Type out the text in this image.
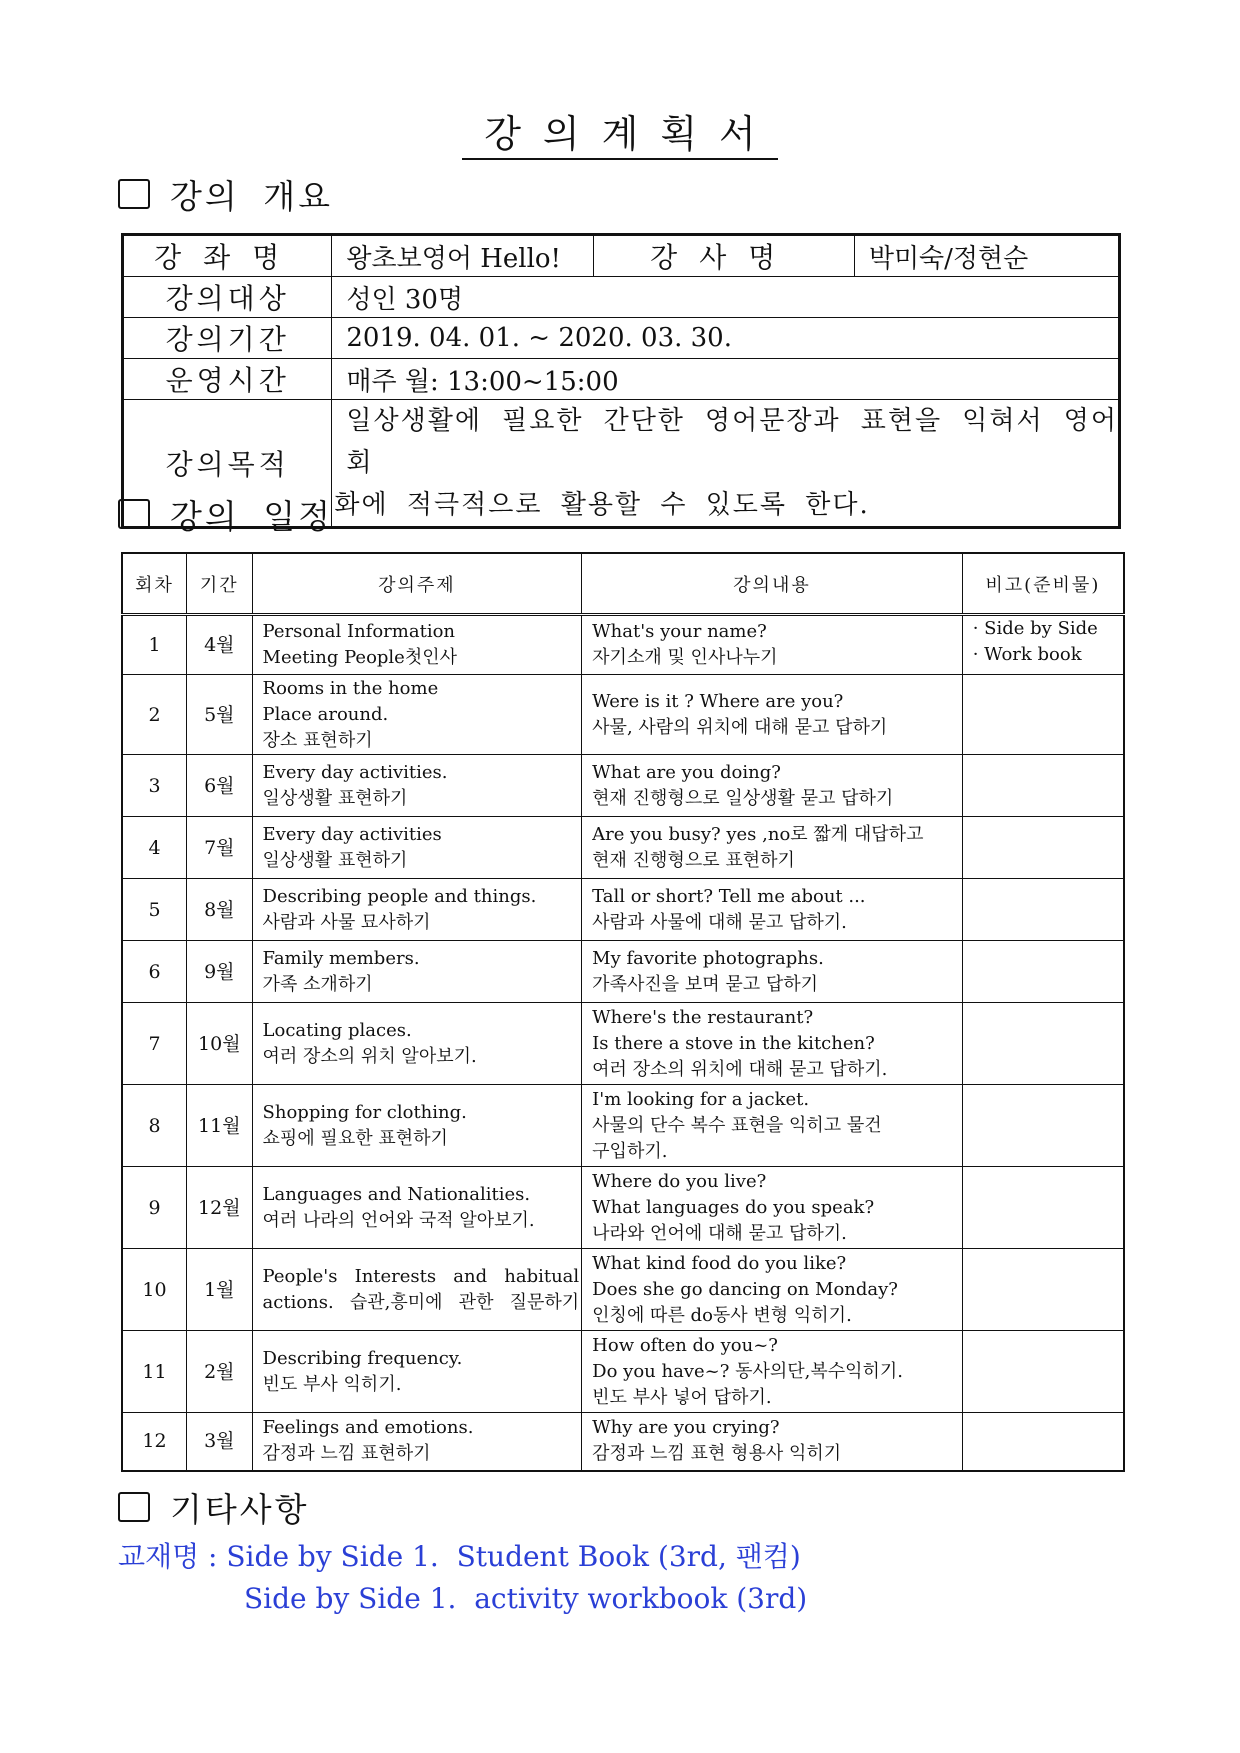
강의계획서
강의 개요
강좌명	왕초보영어 Hello!	강사명	박미숙/정현순
강의대상	성인 30명		
강의기간	2019. 04. 01. ~ 2020. 03. 30.		
운영시간	매주 월: 13:00~15:00		
강의목적	일상생활에 필요한 간단한 영어문장과 표현을 익혀서 영어회
화에 적극적으로 활용할 수 있도록 한다.		
강의 일정
회차	기간	강의주제	강의내용	비고(준비물)
1	4월	Personal Information
Meeting People첫인사	What's your name?
자기소개 및 인사나누기	· Side by Side
· Work book

2	5월	Rooms in the home
Place around.
장소 표현하기	Were is it ? Where are you?
사물, 사람의 위치에 대해 묻고 답하기	

3	6월	Every day activities.
일상생활 표현하기	What are you doing?
현재 진행형으로 일상생활 묻고 답하기	

4	7월	Every day activities
일상생활 표현하기	Are you busy? yes ,no로 짧게 대답하고
현재 진행형으로 표현하기	

5	8월	Describing people and things.
사람과 사물 묘사하기	Tall or short? Tell me about ...
사람과 사물에 대해 묻고 답하기.	

6	9월	Family members.
가족 소개하기	My favorite photographs.
가족사진을 보며 묻고 답하기	

7	10월	Locating places.
여러 장소의 위치 알아보기.	Where's the restaurant?
Is there a stove in the kitchen?
여러 장소의 위치에 대해 묻고 답하기.	

8	11월	Shopping for clothing.
쇼핑에 필요한 표현하기	I'm looking for a jacket.
사물의 단수 복수 표현을 익히고 물건
구입하기.	

9	12월	Languages and Nationalities.
여러 나라의 언어와 국적 알아보기.	Where do you live?
What languages do you speak?
나라와 언어에 대해 묻고 답하기.	

10	1월	People's Interests and habitual
actions. 습관,흥미에 관한 질문하기	What kind food do you like?
Does she go dancing on Monday?
인칭에 따른 do동사 변형 익히기.	

11	2월	Describing frequency.
빈도 부사 익히기.	How often do you~?
Do you have~? 동사의단,복수익히기.
빈도 부사 넣어 답하기.	

12	3월	Feelings and emotions.
감정과 느낌 표현하기	Why are you crying?
감정과 느낌 표현 형용사 익히기	

기타사항
교재명 : Side by Side 1.  Student Book (3rd, 팬컴)
Side by Side 1.  activity workbook (3rd)
